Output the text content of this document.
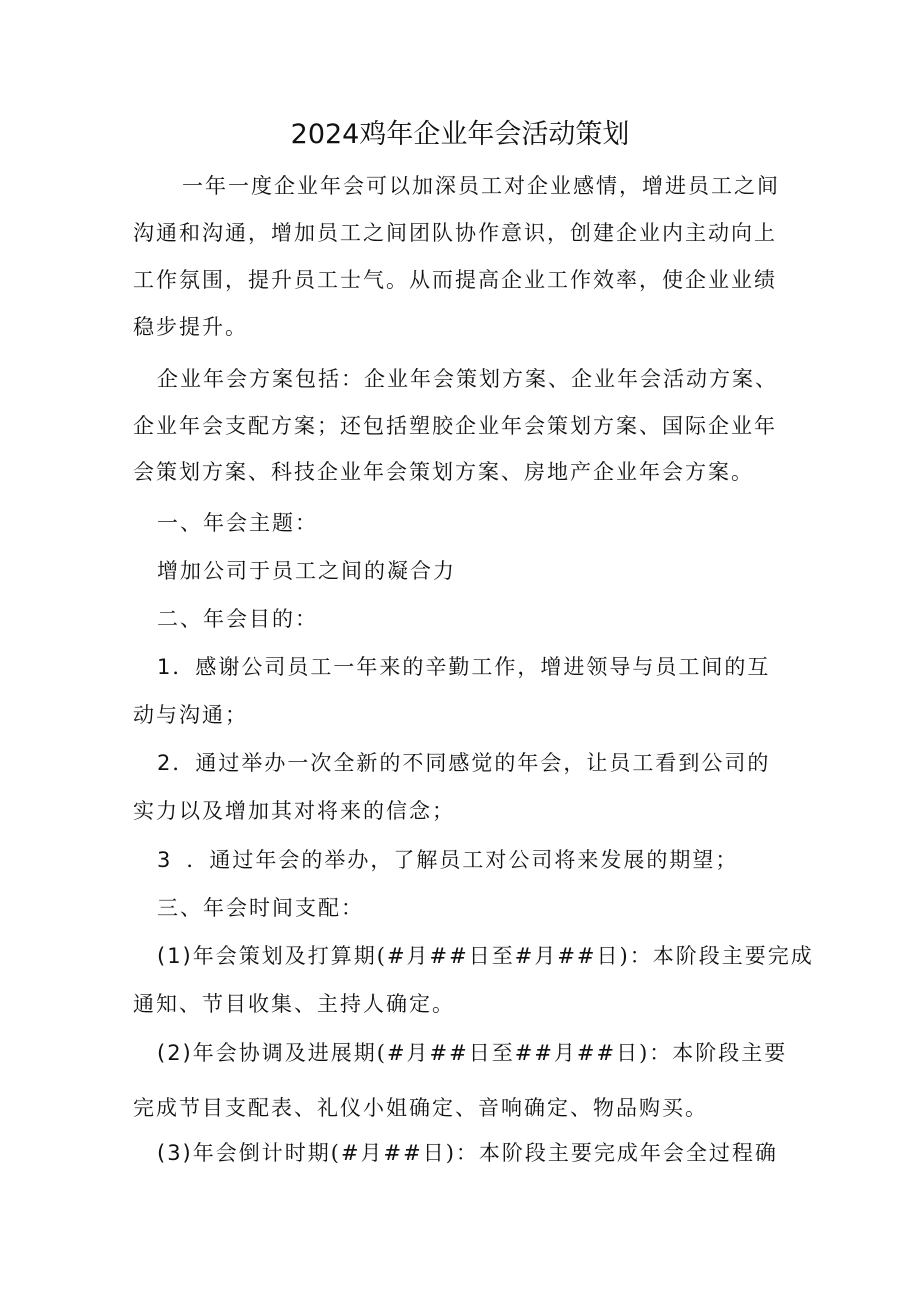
2024鸡年企业年会活动策划
一年一度企业年会可以加深员工对企业感情，增进员工之间
沟通和沟通，增加员工之间团队协作意识，创建企业内主动向上
工作氛围，提升员工士气。从而提高企业工作效率，使企业业绩
稳步提升。
企业年会方案包括：企业年会策划方案、企业年会活动方案、
企业年会支配方案；还包括塑胶企业年会策划方案、国际企业年
会策划方案、科技企业年会策划方案、房地产企业年会方案。
一、年会主题：
增加公司于员工之间的凝合力
二、年会目的：
1．感谢公司员工一年来的辛勤工作，增进领导与员工间的互
动与沟通；
2．通过举办一次全新的不同感觉的年会，让员工看到公司的
实力以及增加其对将来的信念；
3 ．通过年会的举办，了解员工对公司将来发展的期望；
三、年会时间支配：
(1)年会策划及打算期(#月##日至#月##日)：本阶段主要完成
通知、节目收集、主持人确定。
(2)年会协调及进展期(#月##日至##月##日)：本阶段主要
完成节目支配表、礼仪小姐确定、音响确定、物品购买。
(3)年会倒计时期(#月##日)：本阶段主要完成年会全过程确
